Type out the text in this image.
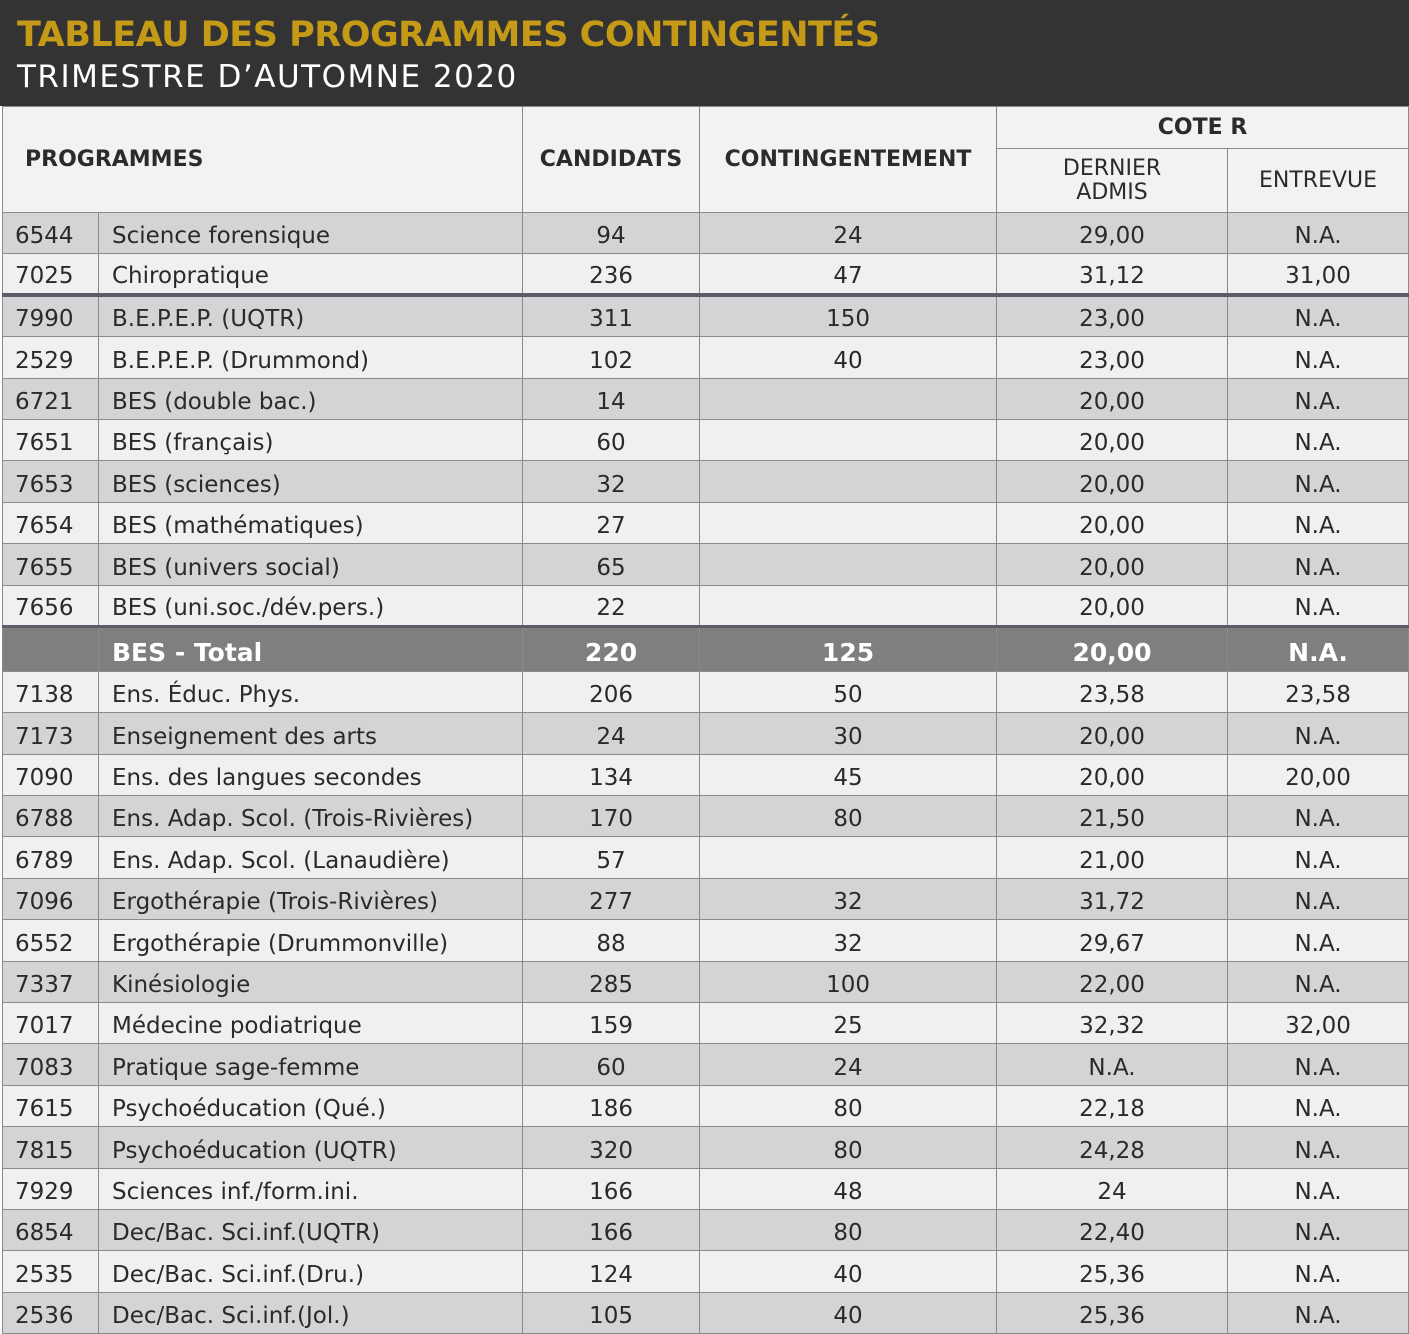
TABLEAU DES PROGRAMMES CONTINGENTÉS
TRIMESTRE D’AUTOMNE 2020
PROGRAMMES		CANDIDATS	CONTINGENTEMENT	COTE R	
				DERNIER ADMIS	ENTREVUE
6544	Science forensique	94	24	29,00	N.A.
7025	Chiropratique	236	47	31,12	31,00
7990	B.E.P.E.P. (UQTR)	311	150	23,00	N.A.
2529	B.E.P.E.P. (Drummond)	102	40	23,00	N.A.
6721	BES (double bac.)	14		20,00	N.A.
7651	BES (français)	60		20,00	N.A.
7653	BES (sciences)	32		20,00	N.A.
7654	BES (mathématiques)	27		20,00	N.A.
7655	BES (univers social)	65		20,00	N.A.
7656	BES (uni.soc./dév.pers.)	22		20,00	N.A.
	BES - Total	220	125	20,00	N.A.
7138	Ens. Éduc. Phys.	206	50	23,58	23,58
7173	Enseignement des arts	24	30	20,00	N.A.
7090	Ens. des langues secondes	134	45	20,00	20,00
6788	Ens. Adap. Scol. (Trois-Rivières)	170	80	21,50	N.A.
6789	Ens. Adap. Scol. (Lanaudière)	57		21,00	N.A.
7096	Ergothérapie (Trois-Rivières)	277	32	31,72	N.A.
6552	Ergothérapie (Drummonville)	88	32	29,67	N.A.
7337	Kinésiologie	285	100	22,00	N.A.
7017	Médecine podiatrique	159	25	32,32	32,00
7083	Pratique sage-femme	60	24	N.A.	N.A.
7615	Psychoéducation (Qué.)	186	80	22,18	N.A.
7815	Psychoéducation (UQTR)	320	80	24,28	N.A.
7929	Sciences inf./form.ini.	166	48	24	N.A.
6854	Dec/Bac. Sci.inf.(UQTR)	166	80	22,40	N.A.
2535	Dec/Bac. Sci.inf.(Dru.)	124	40	25,36	N.A.
2536	Dec/Bac. Sci.inf.(Jol.)	105	40	25,36	N.A.
